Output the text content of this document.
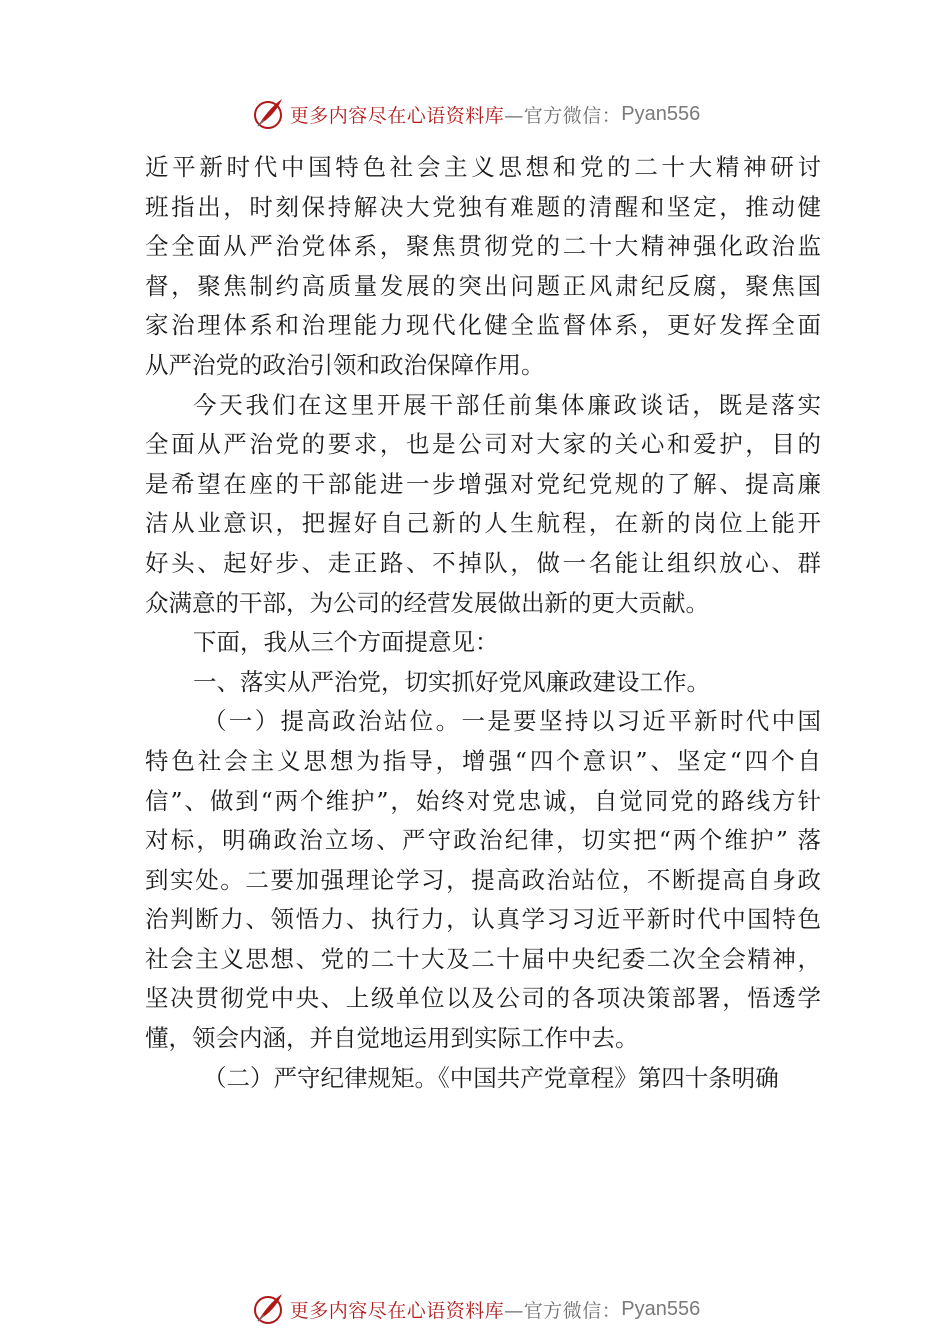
更多内容尽在心语资料库 —官方微信： Pyan556
近平新时代中国特色社会主义思想和党的二十大精神研讨
班指出，时刻保持解决大党独有难题的清醒和坚定，推动健
全全面从严治党体系，聚焦贯彻党的二十大精神强化政治监
督，聚焦制约高质量发展的突出问题正风肃纪反腐，聚焦国
家治理体系和治理能力现代化健全监督体系，更好发挥全面
从严治党的政治引领和政治保障作用。
今天我们在这里开展干部任前集体廉政谈话，既是落实
全面从严治党的要求，也是公司对大家的关心和爱护，目的
是希望在座的干部能进一步增强对党纪党规的了解、提高廉
洁从业意识，把握好自己新的人生航程，在新的岗位上能开
好头、起好步、走正路、不掉队，做一名能让组织放心、群
众满意的干部，为公司的经营发展做出新的更大贡献。
下面，我从三个方面提意见：
一、落实从严治党，切实抓好党风廉政建设工作。
（一）提高政治站位。一是要坚持以习近平新时代中国
特色社会主义思想为指导，增强“四个意识”、坚定“四个自
信”、做到“两个维护”，始终对党忠诚，自觉同党的路线方针
对标，明确政治立场、严守政治纪律，切实把“两个维护” 落
到实处。二要加强理论学习，提高政治站位，不断提高自身政
治判断力、领悟力、执行力，认真学习习近平新时代中国特色
社会主义思想、党的二十大及二十届中央纪委二次全会精神，
坚决贯彻党中央、上级单位以及公司的各项决策部署，悟透学
懂，领会内涵，并自觉地运用到实际工作中去。
（二）严守纪律规矩。《中国共产党章程》第四十条明确
更多内容尽在心语资料库 —官方微信： Pyan556
